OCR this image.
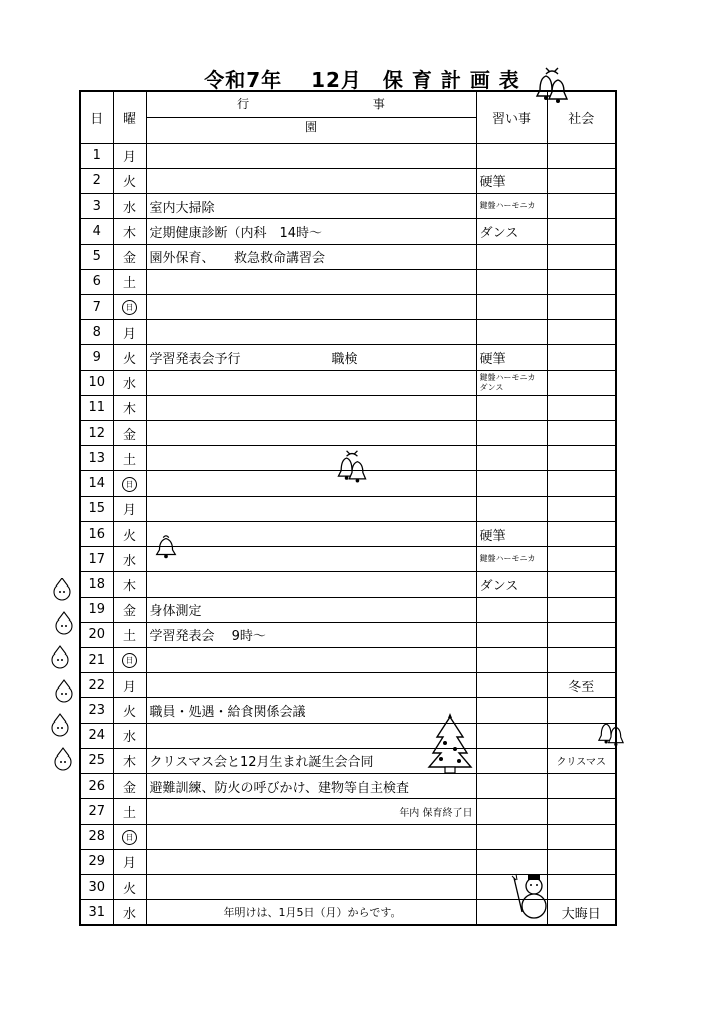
令和7年　 12月　保 育 計 画 表
日	曜	行 事
園	習い事	社会
1	月			
2	火		硬筆	
3	水	室内大掃除	鍵盤ハーモニカ	

4	木	定期健康診断（内科　14時～	ダンス	
5	金	園外保育、　　救急救命講習会		
6	土			
7	日			
8	月			
9	火	学習発表会予行　　　　　　　職検	硬筆	
10	水		鍵盤ハーモニカ
ダンス	

11	木			
12	金			
13	土			
14	日			
15	月			
16	火		硬筆	
17	水		鍵盤ハーモニカ	

18	木		ダンス	
19	金	身体測定		
20	土	学習発表会　 9時～		
21	日			
22	月			冬至
23	火	職員・処遇・給食関係会議		
24	水			
25	木	クリスマス会と12月生まれ誕生会合同		クリスマス
26	金	避難訓練、防火の呼びかけ、建物等自主検査		
27	土	年内 保育終了日		
28	日			
29	月			
30	火			
31	水	年明けは、1月5日（月）からです。		大晦日
